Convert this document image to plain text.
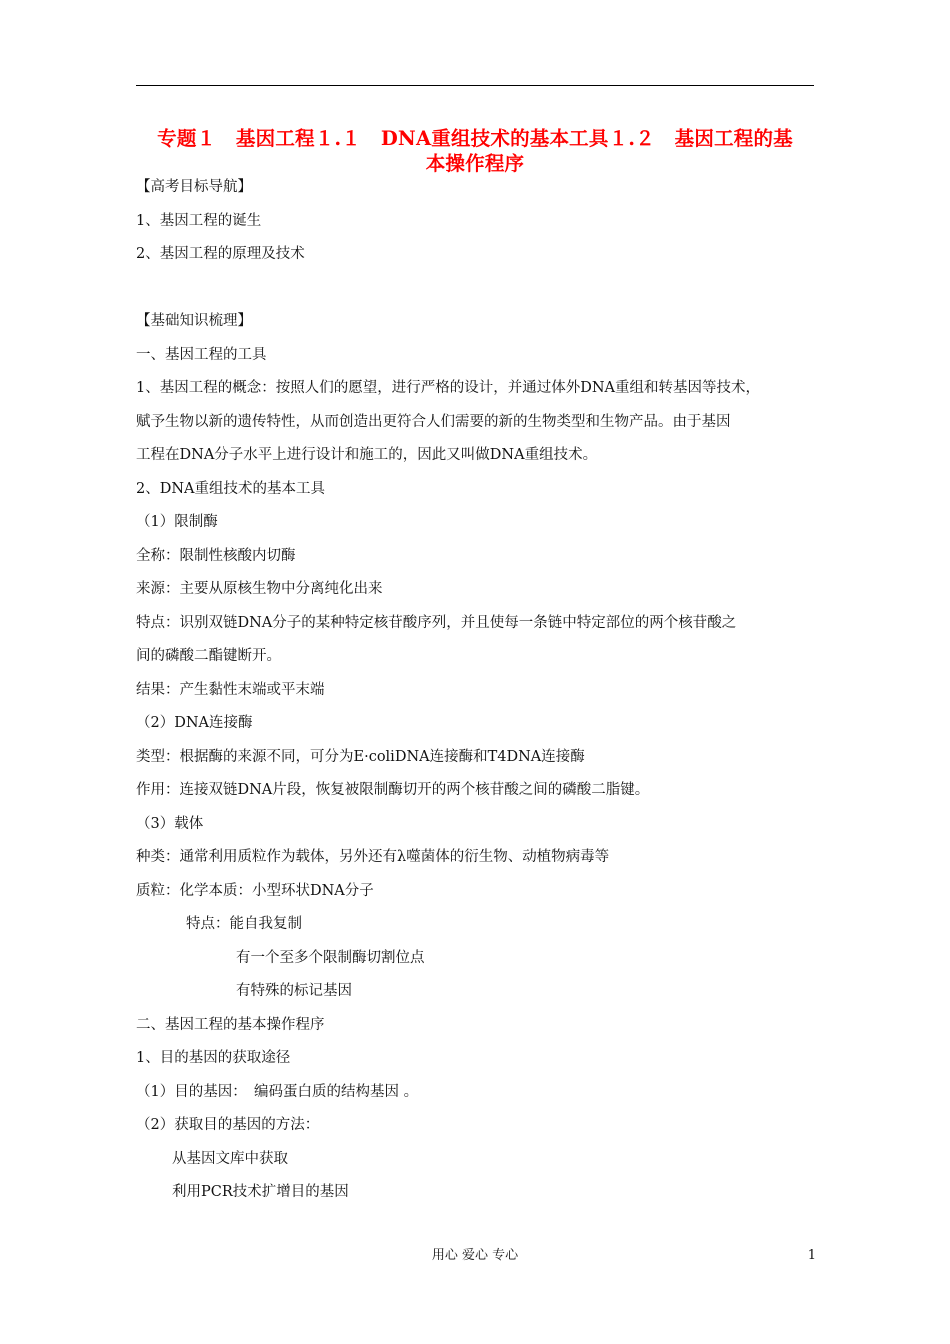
专题１　基因工程１.１　DNA重组技术的基本工具１.２　基因工程的基
本操作程序
【高考目标导航】
1、基因工程的诞生
2、基因工程的原理及技术
【基础知识梳理】
一、基因工程的工具
1、基因工程的概念：按照人们的愿望，进行严格的设计，并通过体外DNA重组和转基因等技术，
赋予生物以新的遗传特性，从而创造出更符合人们需要的新的生物类型和生物产品。由于基因
工程在DNA分子水平上进行设计和施工的，因此又叫做DNA重组技术。
2、DNA重组技术的基本工具
（1）限制酶
全称：限制性核酸内切酶
来源：主要从原核生物中分离纯化出来
特点：识别双链DNA分子的某种特定核苷酸序列，并且使每一条链中特定部位的两个核苷酸之
间的磷酸二酯键断开。
结果：产生黏性末端或平末端
（2）DNA连接酶
类型：根据酶的来源不同，可分为E·coliDNA连接酶和T4DNA连接酶
作用：连接双链DNA片段，恢复被限制酶切开的两个核苷酸之间的磷酸二脂键。
（3）载体
种类：通常利用质粒作为载体，另外还有λ噬菌体的衍生物、动植物病毒等
质粒：化学本质：小型环状DNA分子
特点：能自我复制
有一个至多个限制酶切割位点
有特殊的标记基因
二、基因工程的基本操作程序
1、目的基因的获取途径
（1）目的基因：　编码蛋白质的结构基因 。
（2）获取目的基因的方法：
从基因文库中获取
利用PCR技术扩增目的基因
用心 爱心 专心	1
